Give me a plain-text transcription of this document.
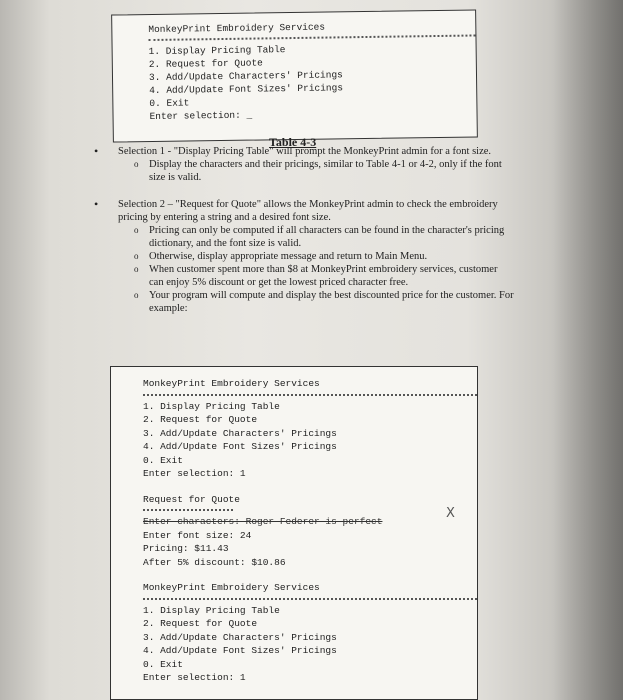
MonkeyPrint Embroidery Services
1. Display Pricing Table
2. Request for Quote
3. Add/Update Characters' Pricings
4. Add/Update Font Sizes' Pricings
0. Exit
Enter selection: _
Table 4-3
• Selection 1 - "Display Pricing Table" will prompt the MonkeyPrint admin for a font size.
o Display the characters and their pricings, similar to Table 4-1 or 4-2, only if the font size is valid.
• Selection 2 – "Request for Quote" allows the MonkeyPrint admin to check the embroidery pricing by entering a string and a desired font size.
o Pricing can only be computed if all characters can be found in the character's pricing dictionary, and the font size is valid.
o Otherwise, display appropriate message and return to Main Menu.
o When customer spent more than $8 at MonkeyPrint embroidery services, customer can enjoy 5% discount or get the lowest priced character free.
o Your program will compute and display the best discounted price for the customer. For example:
MonkeyPrint Embroidery Services
1. Display Pricing Table
2. Request for Quote
3. Add/Update Characters' Pricings
4. Add/Update Font Sizes' Pricings
0. Exit
Enter selection: 1
Request for Quote
Enter characters: Roger Federer is perfect
Enter font size: 24
Pricing: $11.43
After 5% discount: $10.86
MonkeyPrint Embroidery Services
1. Display Pricing Table
2. Request for Quote
3. Add/Update Characters' Pricings
4. Add/Update Font Sizes' Pricings
0. Exit
Enter selection: 1
X
